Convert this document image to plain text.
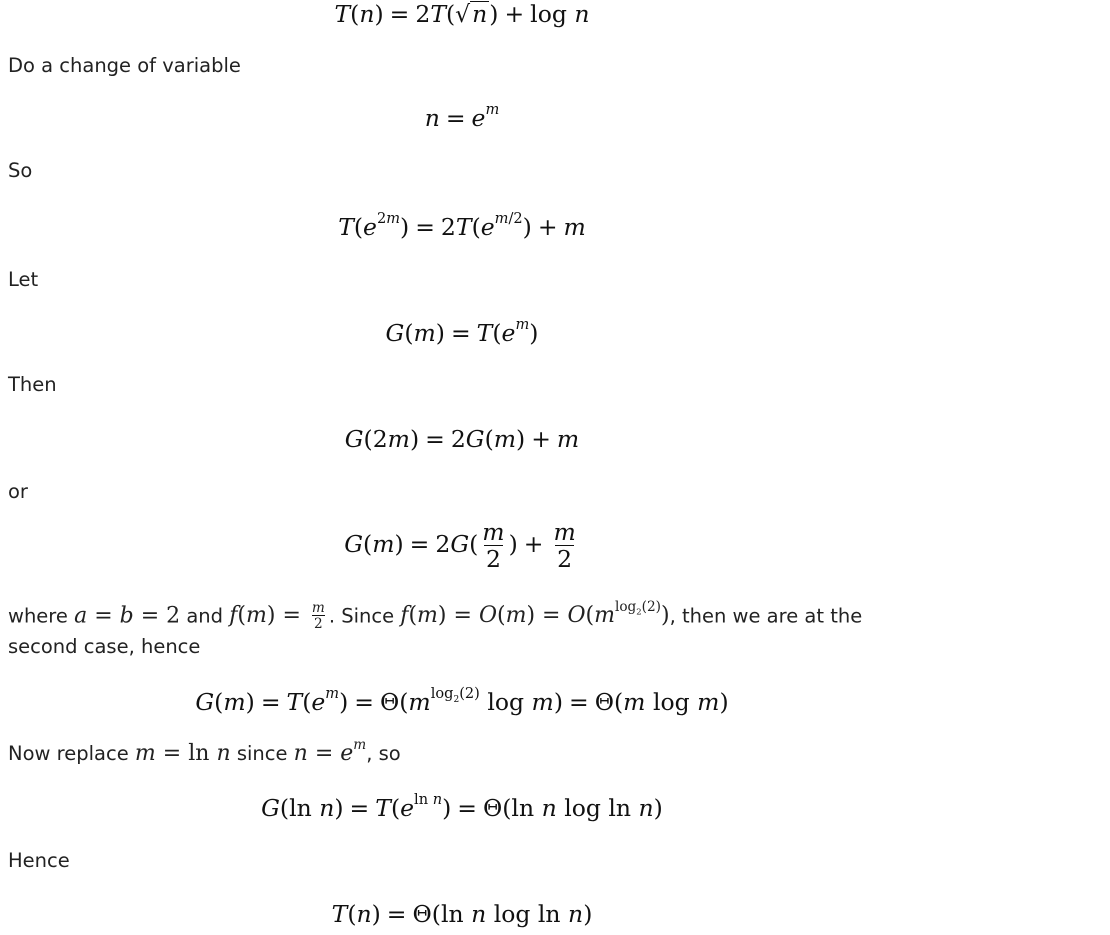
T(n) = 2T(√n) + log n
Do a change of variable
$n = e^m$
So
$T(e^{2m}) = 2T(e^{m/2}) + m$
Let
$G(m) = T(e^m)$
Then
G(2m) = 2G(m) + m
or
$G(m) = 2G( \frac{m}{2}$ ) + $\frac{m}{2}$
where a = b = 2 and $f(m) = \frac{m}{2}$ . Since $f(m) = O(m) = O(m^{log_2(2)})$, then we are at the
second case, hence
$G(m) = T(e^m) = \Theta(m^{log_2(2)}$ log m) = Θ(m log m)
Now replace m = ln n since $n = e^m$, so
G(ln $n) = T(e^{ln n}) = \Theta(\ln$ n log ln n)
Hence
T(n) = Θ(ln n log ln n)
